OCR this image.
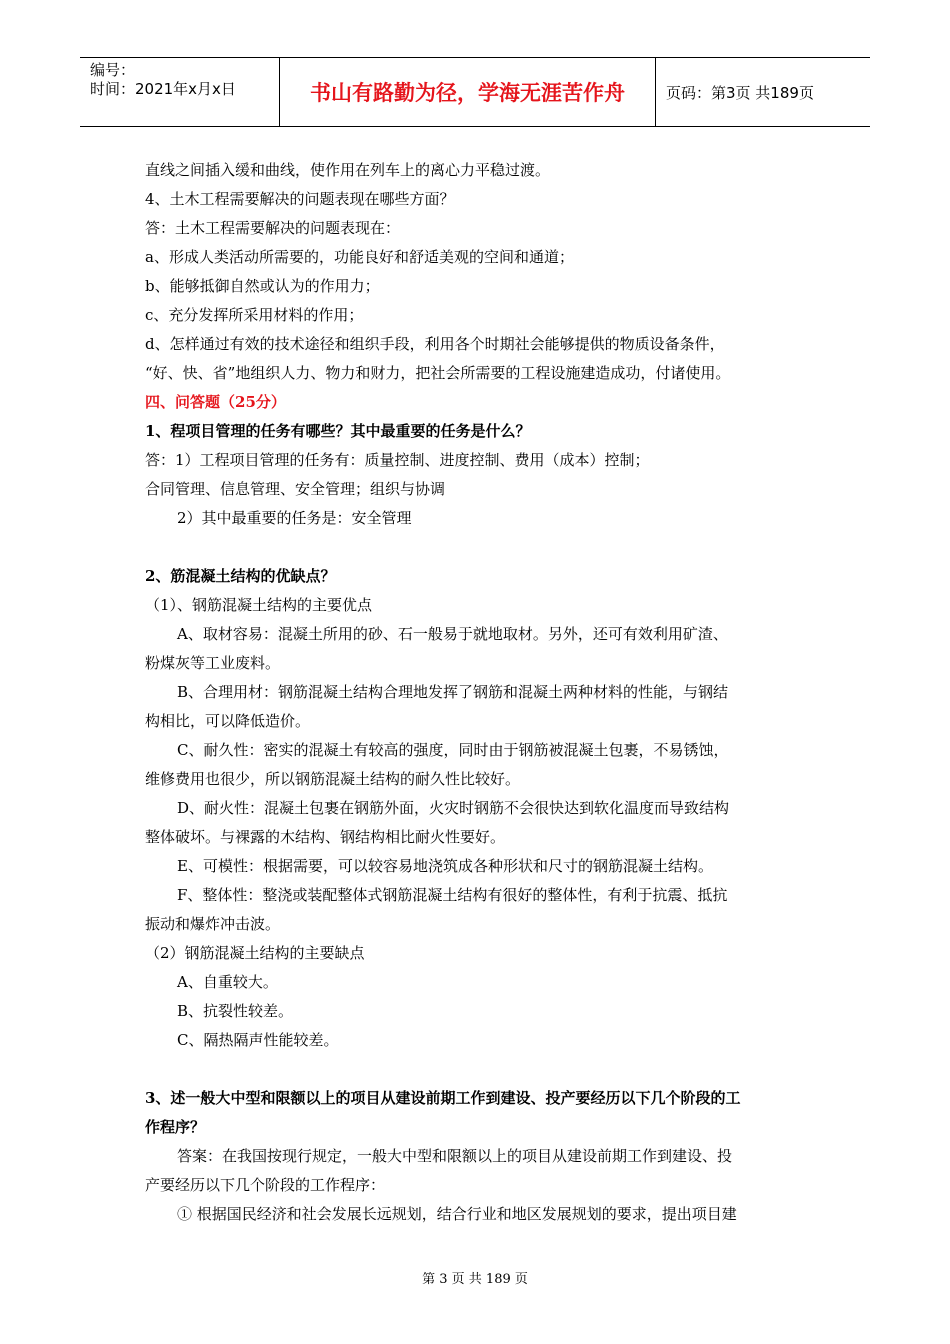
编号：
时间：2021年x月x日	书山有路勤为径，学海无涯苦作舟	页码：第3页 共189页

直线之间插入缓和曲线，使作用在列车上的离心力平稳过渡。

4、土木工程需要解决的问题表现在哪些方面？

答：土木工程需要解决的问题表现在：

a、形成人类活动所需要的，功能良好和舒适美观的空间和通道；

b、能够抵御自然或认为的作用力；

c、充分发挥所采用材料的作用；

d、怎样通过有效的技术途径和组织手段，利用各个时期社会能够提供的物质设备条件，

“好、快、省”地组织人力、物力和财力，把社会所需要的工程设施建造成功，付诸使用。

四、问答题（25分）

1、程项目管理的任务有哪些？其中最重要的任务是什么？

答：1）工程项目管理的任务有：质量控制、进度控制、费用（成本）控制；

合同管理、信息管理、安全管理；组织与协调

2）其中最重要的任务是：安全管理

2、筋混凝土结构的优缺点？

（1）、钢筋混凝土结构的主要优点

A、取材容易：混凝土所用的砂、石一般易于就地取材。另外，还可有效利用矿渣、

粉煤灰等工业废料。

B、合理用材：钢筋混凝土结构合理地发挥了钢筋和混凝土两种材料的性能，与钢结

构相比，可以降低造价。

C、耐久性：密实的混凝土有较高的强度，同时由于钢筋被混凝土包裹，不易锈蚀，

维修费用也很少，所以钢筋混凝土结构的耐久性比较好。

D、耐火性：混凝土包裹在钢筋外面，火灾时钢筋不会很快达到软化温度而导致结构

整体破坏。与裸露的木结构、钢结构相比耐火性要好。

E、可模性：根据需要，可以较容易地浇筑成各种形状和尺寸的钢筋混凝土结构。

F、整体性：整浇或装配整体式钢筋混凝土结构有很好的整体性，有利于抗震、抵抗

振动和爆炸冲击波。

（2）钢筋混凝土结构的主要缺点

A、自重较大。

B、抗裂性较差。

C、隔热隔声性能较差。

3、述一般大中型和限额以上的项目从建设前期工作到建设、投产要经历以下几个阶段的工

作程序？

答案：在我国按现行规定，一般大中型和限额以上的项目从建设前期工作到建设、投

产要经历以下几个阶段的工作程序：

① 根据国民经济和社会发展长远规划，结合行业和地区发展规划的要求，提出项目建

第 3 页 共 189 页
